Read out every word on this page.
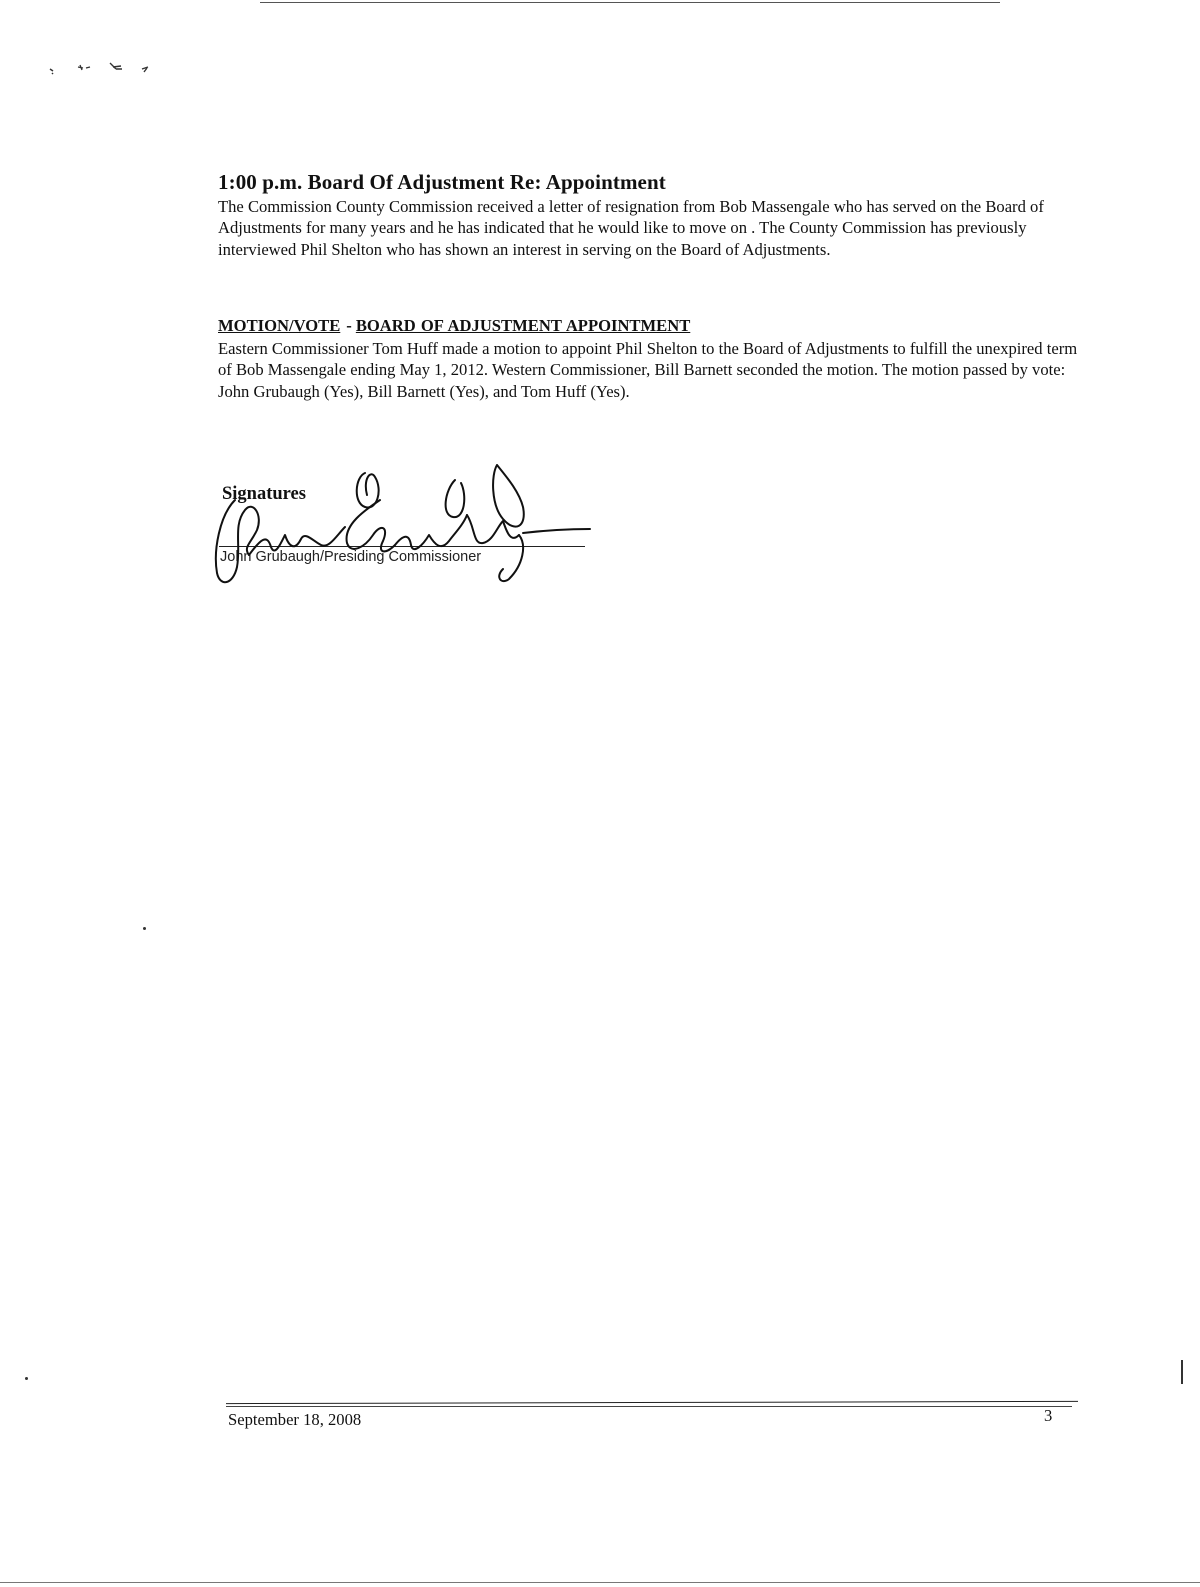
1:00 p.m. Board Of Adjustment Re: Appointment

The Commission County Commission received a letter of resignation from Bob Massengale who has served on the Board of Adjustments for many years and he has indicated that he would like to move on . The County Commission has previously interviewed Phil Shelton who has shown an interest in serving on the Board of Adjustments.

MOTION/VOTE - BOARD OF ADJUSTMENT APPOINTMENT

Eastern Commissioner Tom Huff made a motion to appoint Phil Shelton to the Board of Adjustments to fulfill the unexpired term of Bob Massengale ending May 1, 2012. Western Commissioner, Bill Barnett seconded the motion. The motion passed by vote: John Grubaugh (Yes), Bill Barnett (Yes), and Tom Huff (Yes).

Signatures

John Grubaugh/Presiding Commissioner

September 18, 2008	3
